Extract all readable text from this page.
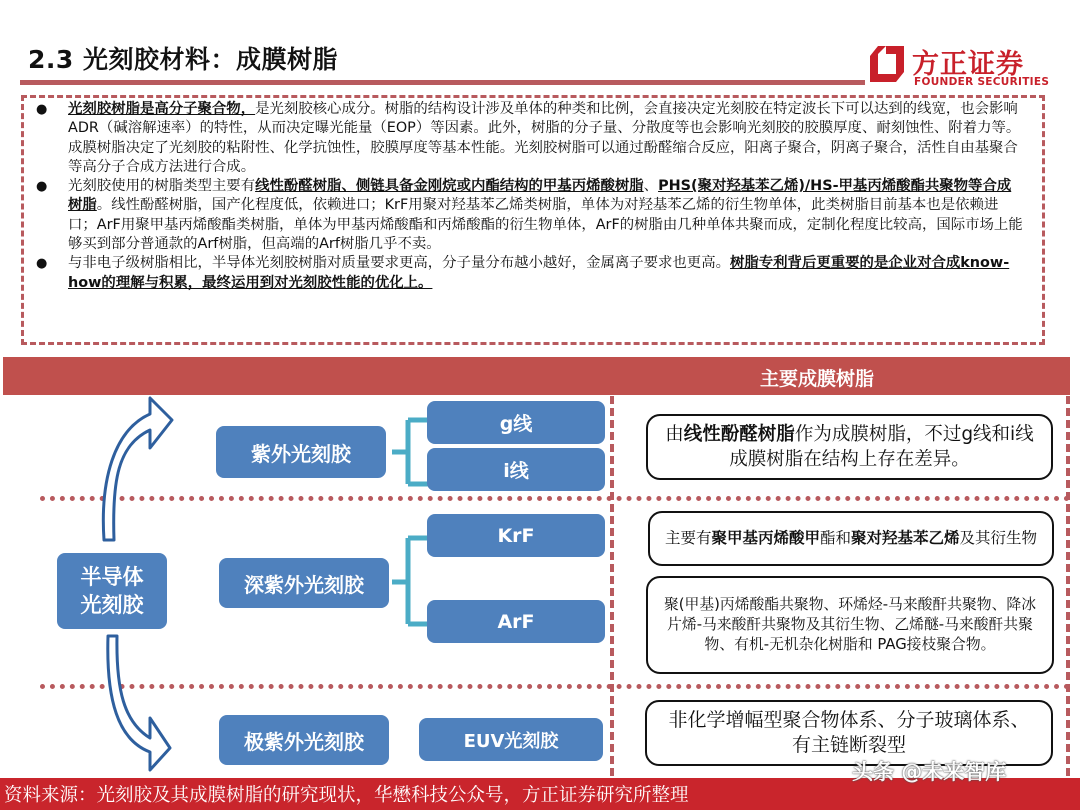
2.3 光刻胶材料：成膜树脂	方正证券
FOUNDER SECURITIES
● 光刻胶树脂是高分子聚合物，是光刻胶核心成分。树脂的结构设计涉及单体的种类和比例，会直接决定光刻胶在特定波长下可以达到的线宽，也会影响ADR（碱溶解速率）的特性，从而决定曝光能量（EOP）等因素。此外，树脂的分子量、分散度等也会影响光刻胶的胶膜厚度、耐刻蚀性、附着力等。成膜树脂决定了光刻胶的粘附性、化学抗蚀性，胶膜厚度等基本性能。光刻胶树脂可以通过酚醛缩合反应，阳离子聚合，阴离子聚合，活性自由基聚合等高分子合成方法进行合成。
● 光刻胶使用的树脂类型主要有线性酚醛树脂、侧链具备金刚烷或内酯结构的甲基丙烯酸树脂、PHS(聚对羟基苯乙烯)/HS-甲基丙烯酸酯共聚物等合成树脂。线性酚醛树脂，国产化程度低，依赖进口；KrF用聚对羟基苯乙烯类树脂，单体为对羟基苯乙烯的衍生物单体，此类树脂目前基本也是依赖进口；ArF用聚甲基丙烯酸酯类树脂，单体为甲基丙烯酸酯和丙烯酸酯的衍生物单体，ArF的树脂由几种单体共聚而成，定制化程度比较高，国际市场上能够买到部分普通款的Arf树脂，但高端的Arf树脂几乎不卖。
● 与非电子级树脂相比，半导体光刻胶树脂对质量要求更高，分子量分布越小越好，金属离子要求也更高。树脂专利背后更重要的是企业对合成know-how的理解与积累，最终运用到对光刻胶性能的优化上。
主要成膜树脂
半导体
光刻胶
紫外光刻胶
g线
i线
由线性酚醛树脂作为成膜树脂，不过g线和i线成膜树脂在结构上存在差异。
深紫外光刻胶
KrF
ArF
主要有聚甲基丙烯酸甲酯和聚对羟基苯乙烯及其衍生物
聚(甲基)丙烯酸酯共聚物、环烯烃-马来酸酐共聚物、降冰片烯-马来酸酐共聚物及其衍生物、乙烯醚-马来酸酐共聚物、有机-无机杂化树脂和 PAG接枝聚合物。
极紫外光刻胶	EUV光刻胶
非化学增幅型聚合物体系、分子玻璃体系、有主链断裂型
资料来源：光刻胶及其成膜树脂的研究现状，华懋科技公众号，方正证券研究所整理
头条 @未来智库
